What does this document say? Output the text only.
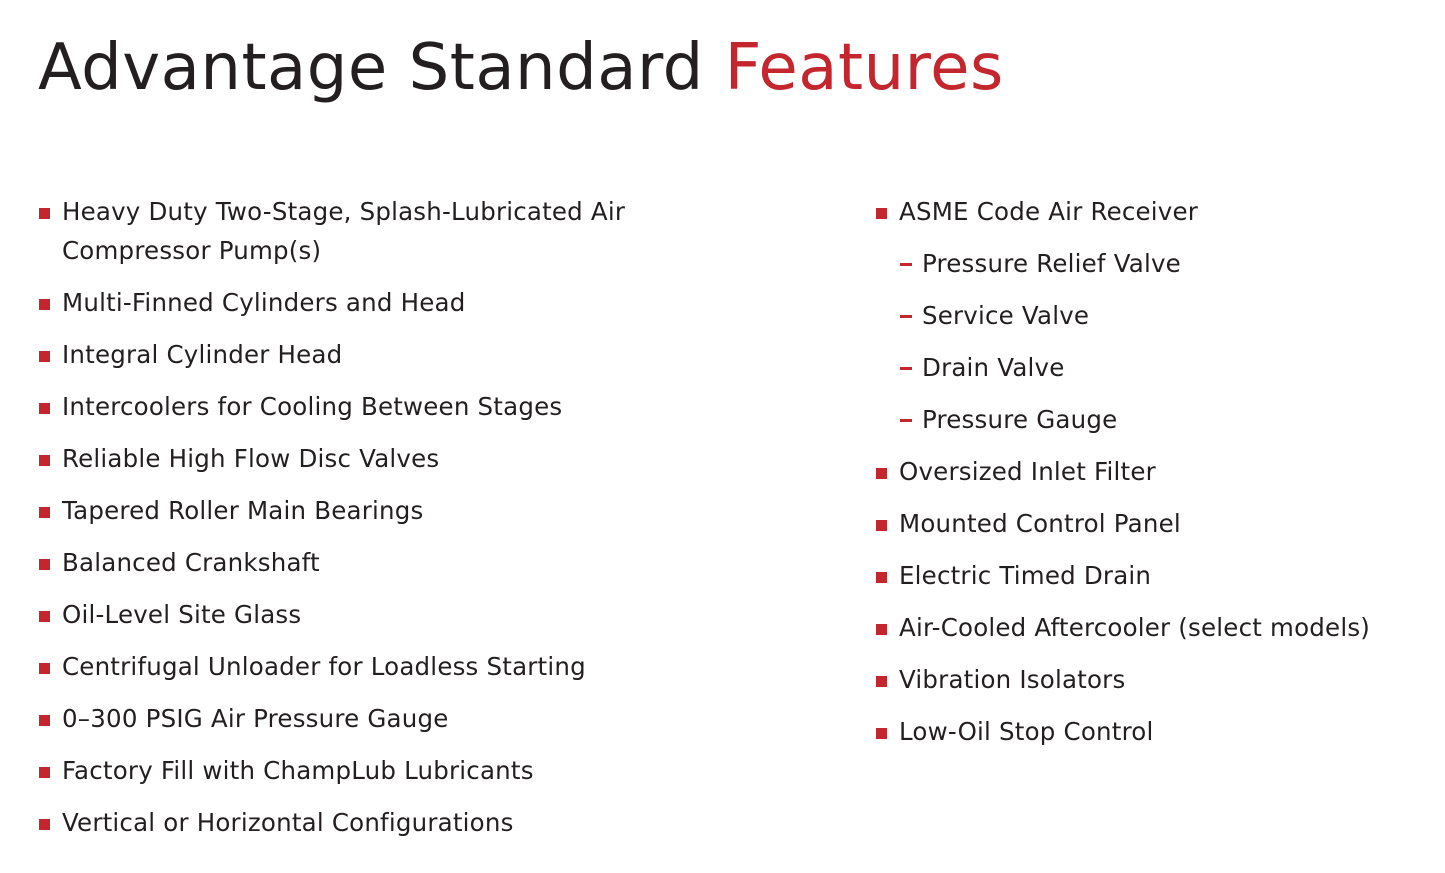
Advantage Standard Features
Heavy Duty Two-Stage, Splash-Lubricated Air Compressor Pump(s)
Multi-Finned Cylinders and Head
Integral Cylinder Head
Intercoolers for Cooling Between Stages
Reliable High Flow Disc Valves
Tapered Roller Main Bearings
Balanced Crankshaft
Oil-Level Site Glass
Centrifugal Unloader for Loadless Starting
0–300 PSIG Air Pressure Gauge
Factory Fill with ChampLub Lubricants
Vertical or Horizontal Configurations
ASME Code Air Receiver
Pressure Relief Valve
Service Valve
Drain Valve
Pressure Gauge
Oversized Inlet Filter
Mounted Control Panel
Electric Timed Drain
Air-Cooled Aftercooler (select models)
Vibration Isolators
Low-Oil Stop Control
